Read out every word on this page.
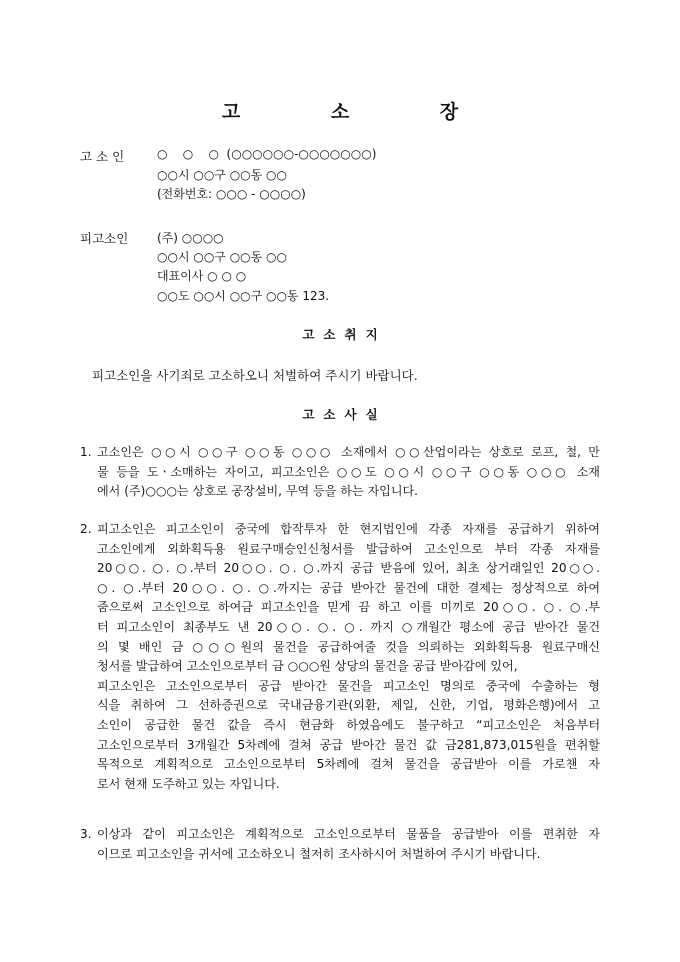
고 소 장
고 소 인	○    ○    ○  (○○○○○○-○○○○○○○)
○○시 ○○구 ○○동 ○○
(전화번호: ○○○ - ○○○○)
피고소인 (주) ○○○○
○○시 ○○구 ○○동 ○○
대표이사 ○ ○ ○
○○도 ○○시 ○○구 ○○동 123.
고소취지
피고소인을 사기죄로 고소하오니 처벌하여 주시기 바랍니다.
고소사실
1. 고소인은 ○○시 ○○구 ○○동 ○○○ 소재에서 ○○산업이라는 상호로 로프, 철, 만
물 등을 도ㆍ소매하는 자이고, 피고소인은 ○○도 ○○시 ○○구 ○○동 ○○○ 소재
에서 (주)○○○는 상호로 공장설비, 무역 등을 하는 자입니다.
2. 피고소인은 피고소인이 중국에 합작투자 한 현지법인에 각종 자재를 공급하기 위하여
고소인에게 외화획득용 원료구매승인신청서를 발급하여 고소인으로 부터 각종 자재를
20○○. ○. ○.부터 20○○. ○. ○.까지 공급 받음에 있어, 최초 상거래일인 20○○.
○. ○.부터 20○○. ○. ○.까지는 공급 받아간 물건에 대한 결제는 정상적으로 하여
줌으로써 고소인으로 하여금 피고소인을 믿게 끔 하고 이를 미끼로 20○○. ○. ○.부
터 피고소인이 최종부도 낸 20○○. ○. ○. 까지 ○개월간 평소에 공급 받아간 물건
의 몇 배인 금 ○○○원의 물건을 공급하여줄 것을 의뢰하는 외화획득용 원료구매신
청서를 발급하여 고소인으로부터 금 ○○○원 상당의 물건을 공급 받아감에 있어,
피고소인은 고소인으로부터 공급 받아간 물건을 피고소인 명의로 중국에 수출하는 형
식을 취하여 그 선하증권으로 국내금융기관(외환, 제일, 신한, 기업, 평화은행)에서 고
소인이 공급한 물건 값을 즉시 현금화 하였음에도 불구하고 “피고소인은 처음부터
고소인으로부터 3개월간 5차례에 걸쳐 공급 받아간 물건 값 금281,873,015원을 편취할
목적으로 계획적으로 고소인으로부터 5차례에 걸쳐 물건을 공급받아 이를 가로챈 자
로서 현재 도주하고 있는 자입니다.
3. 이상과 같이 피고소인은 계획적으로 고소인으로부터 물품을 공급받아 이를 편취한 자
이므로 피고소인을 귀서에 고소하오니 철저히 조사하시어 처벌하여 주시기 바랍니다.
